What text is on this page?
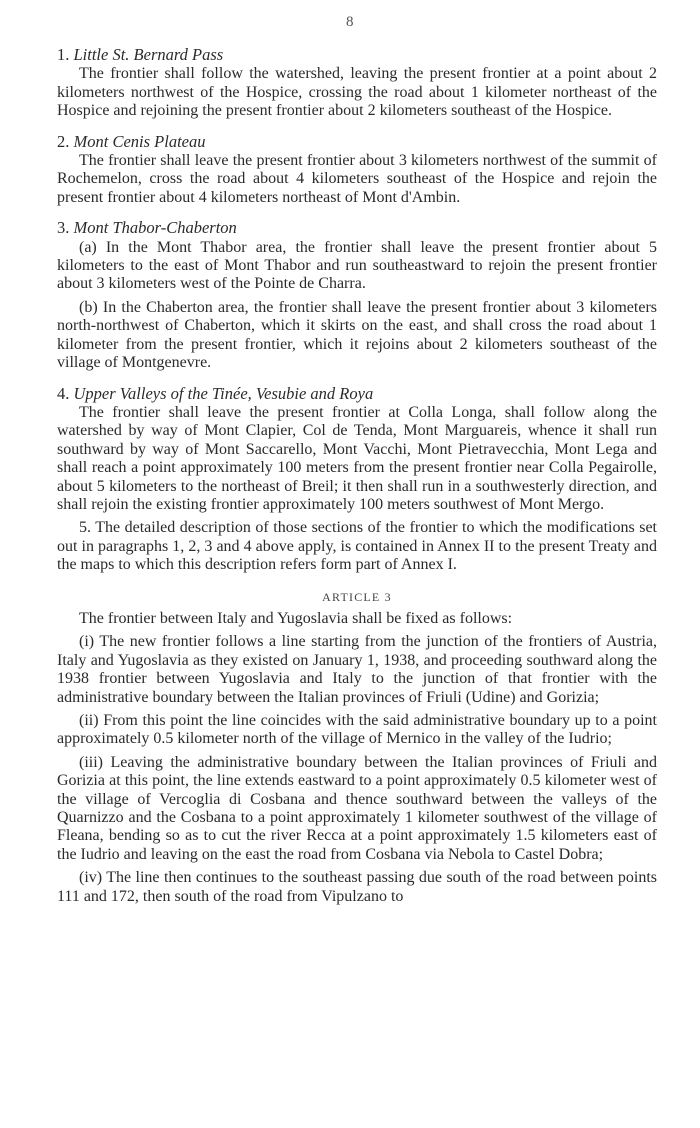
8
1. Little St. Bernard Pass

The frontier shall follow the watershed, leaving the present frontier at a point about 2 kilometers northwest of the Hospice, crossing the road about 1 kilometer northeast of the Hospice and rejoining the present frontier about 2 kilometers southeast of the Hospice.

2. Mont Cenis Plateau

The frontier shall leave the present frontier about 3 kilometers northwest of the summit of Rochemelon, cross the road about 4 kilometers southeast of the Hospice and rejoin the present frontier about 4 kilometers northeast of Mont d'Ambin.

3. Mont Thabor-Chaberton

(a) In the Mont Thabor area, the frontier shall leave the present frontier about 5 kilometers to the east of Mont Thabor and run southeastward to rejoin the present frontier about 3 kilometers west of the Pointe de Charra.

(b) In the Chaberton area, the frontier shall leave the present frontier about 3 kilometers north-northwest of Chaberton, which it skirts on the east, and shall cross the road about 1 kilometer from the present frontier, which it rejoins about 2 kilometers southeast of the village of Montgenevre.

4. Upper Valleys of the Tinée, Vesubie and Roya

The frontier shall leave the present frontier at Colla Longa, shall follow along the watershed by way of Mont Clapier, Col de Tenda, Mont Marguareis, whence it shall run southward by way of Mont Saccarello, Mont Vacchi, Mont Pietravecchia, Mont Lega and shall reach a point approximately 100 meters from the present frontier near Colla Pegairolle, about 5 kilometers to the northeast of Breil; it then shall run in a southwesterly direction, and shall rejoin the existing frontier approximately 100 meters southwest of Mont Mergo.

5. The detailed description of those sections of the frontier to which the modifications set out in paragraphs 1, 2, 3 and 4 above apply, is contained in Annex II to the present Treaty and the maps to which this description refers form part of Annex I.

ARTICLE 3

The frontier between Italy and Yugoslavia shall be fixed as follows:

(i) The new frontier follows a line starting from the junction of the frontiers of Austria, Italy and Yugoslavia as they existed on January 1, 1938, and proceeding southward along the 1938 frontier between Yugoslavia and Italy to the junction of that frontier with the administrative boundary between the Italian provinces of Friuli (Udine) and Gorizia;

(ii) From this point the line coincides with the said administrative boundary up to a point approximately 0.5 kilometer north of the village of Mernico in the valley of the Iudrio;

(iii) Leaving the administrative boundary between the Italian provinces of Friuli and Gorizia at this point, the line extends eastward to a point approximately 0.5 kilometer west of the village of Vercoglia di Cosbana and thence southward between the valleys of the Quarnizzo and the Cosbana to a point approximately 1 kilometer southwest of the village of Fleana, bending so as to cut the river Recca at a point approximately 1.5 kilometers east of the Iudrio and leaving on the east the road from Cosbana via Nebola to Castel Dobra;

(iv) The line then continues to the southeast passing due south of the road between points 111 and 172, then south of the road from Vipulzano to
